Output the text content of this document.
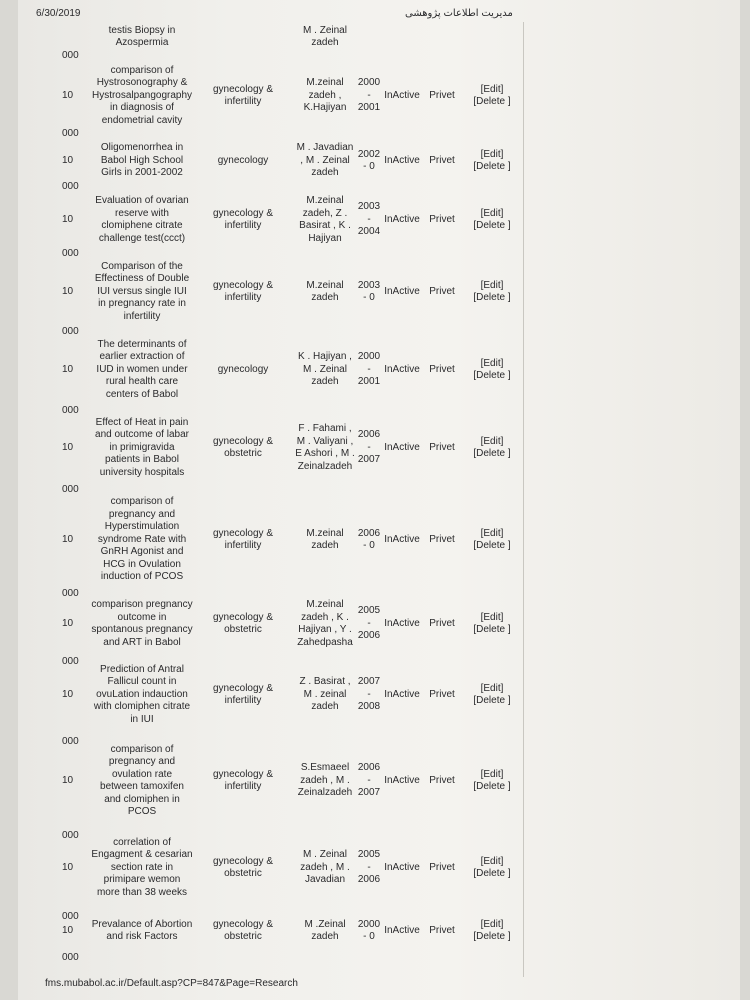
6/30/2019	مدیریت اطلاعات پژوهشی
testis Biopsy in
Azospermia
M . Zeinal
zadeh
000
000
000
000
000
000
000
000
000
000
000
000
000
10
comparison of
Hystrosonography &
Hystrosalpangography
in diagnosis of
endometrial cavity
gynecology &
infertility
M.zeinal
zadeh ,
K.Hajiyan
2000
-
2001
InActive Privet
[Edit]
[Delete ]
10
Oligomenorrhea in
Babol High School
Girls in 2001-2002
gynecology
M . Javadian
, M . Zeinal
zadeh
2002
- 0
InActive Privet
[Edit]
[Delete ]
10
Evaluation of ovarian
reserve with
clomiphene citrate
challenge test(ccct)
gynecology &
infertility
M.zeinal
zadeh, Z .
Basirat , K .
Hajiyan
2003
-
2004
InActive Privet
[Edit]
[Delete ]
10
Comparison of the
Effectiness of Double
IUI versus single IUI
in pregnancy rate in
infertility
gynecology &
infertility
M.zeinal
zadeh
2003
- 0
InActive Privet
[Edit]
[Delete ]
10
The determinants of
earlier extraction of
IUD in women under
rural health care
centers of Babol
gynecology
K . Hajiyan ,
M . Zeinal
zadeh
2000
-
2001
InActive Privet
[Edit]
[Delete ]
10
Effect of Heat in pain
and outcome of labar
in primigravida
patients in Babol
university hospitals
gynecology &
obstetric
F . Fahami ,
M . Valiyani ,
E Ashori , M .
Zeinalzadeh
2006
-
2007
InActive Privet
[Edit]
[Delete ]
10
comparison of
pregnancy and
Hyperstimulation
syndrome Rate with
GnRH Agonist and
HCG in Ovulation
induction of PCOS
gynecology &
infertility
M.zeinal
zadeh
2006
- 0
InActive Privet
[Edit]
[Delete ]
10
comparison pregnancy
outcome in
spontanous pregnancy
and ART in Babol
gynecology &
obstetric
M.zeinal
zadeh , K .
Hajiyan , Y .
Zahedpasha
2005
-
2006
InActive Privet
[Edit]
[Delete ]
10
Prediction of Antral
Fallicul count in
ovuLation indauction
with clomiphen citrate
in IUI
gynecology &
infertility
Z . Basirat ,
M . zeinal
zadeh
2007
-
2008
InActive Privet
[Edit]
[Delete ]
10
comparison of
pregnancy and
ovulation rate
between tamoxifen
and clomiphen in
PCOS
gynecology &
infertility
S.Esmaeel
zadeh , M .
Zeinalzadeh
2006
-
2007
InActive Privet
[Edit]
[Delete ]
10
correlation of
Engagment & cesarian
section rate in
primipare wemon
more than 38 weeks
gynecology &
obstetric
M . Zeinal
zadeh , M .
Javadian
2005
-
2006
InActive Privet
[Edit]
[Delete ]
10
Prevalance of Abortion
and risk Factors
gynecology &
obstetric
M .Zeinal
zadeh
2000
- 0
InActive Privet
[Edit]
[Delete ]
fms.mubabol.ac.ir/Default.asp?CP=847&Page=Research
